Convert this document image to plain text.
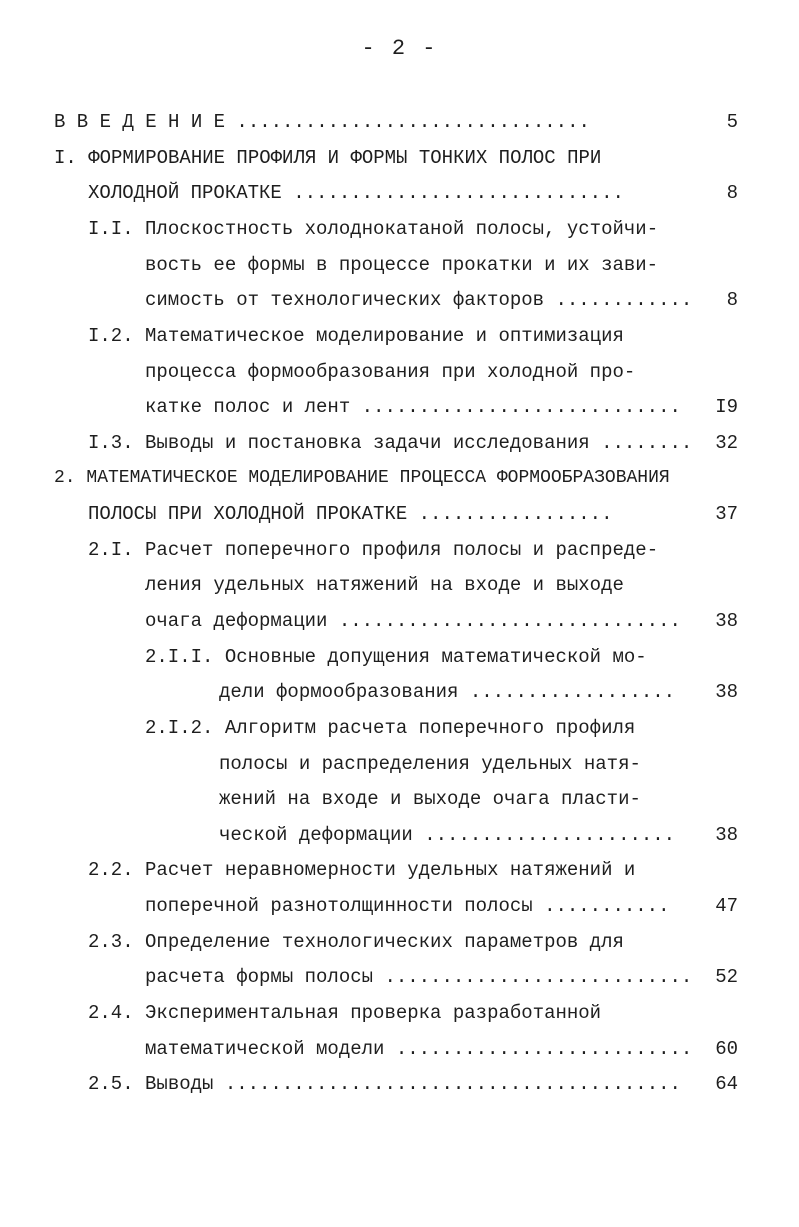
- 2 -
В В Е Д Е Н И Е ...............................	5
I. ФОРМИРОВАНИЕ ПРОФИЛЯ И ФОРМЫ ТОНКИХ ПОЛОС ПРИ
ХОЛОДНОЙ ПРОКАТКЕ .............................	8
I.I. Плоскостность холоднокатаной полосы, устойчи-
вость ее формы в процессе прокатки и их зави-
симость от технологических факторов ............	8
I.2. Математическое моделирование и оптимизация
процесса формообразования при холодной про-
катке полос и лент ............................	I9
I.3. Выводы и постановка задачи исследования ........	32
2. МАТЕМАТИЧЕСКОЕ МОДЕЛИРОВАНИЕ ПРОЦЕССА ФОРМООБРАЗОВАНИЯ
ПОЛОСЫ ПРИ ХОЛОДНОЙ ПРОКАТКЕ .................	37
2.I. Расчет поперечного профиля полосы и распреде-
ления удельных натяжений на входе и выходе
очага деформации ..............................	38
2.I.I. Основные допущения математической мо-
дели формообразования ..................	38
2.I.2. Алгоритм расчета поперечного профиля
полосы и распределения удельных натя-
жений на входе и выходе очага пласти-
ческой деформации ......................	38
2.2. Расчет неравномерности удельных натяжений и
поперечной разнотолщинности полосы ...........	47
2.3. Определение технологических параметров для
расчета формы полосы ...........................	52
2.4. Экспериментальная проверка разработанной
математической модели ..........................	60
2.5. Выводы ........................................	64
